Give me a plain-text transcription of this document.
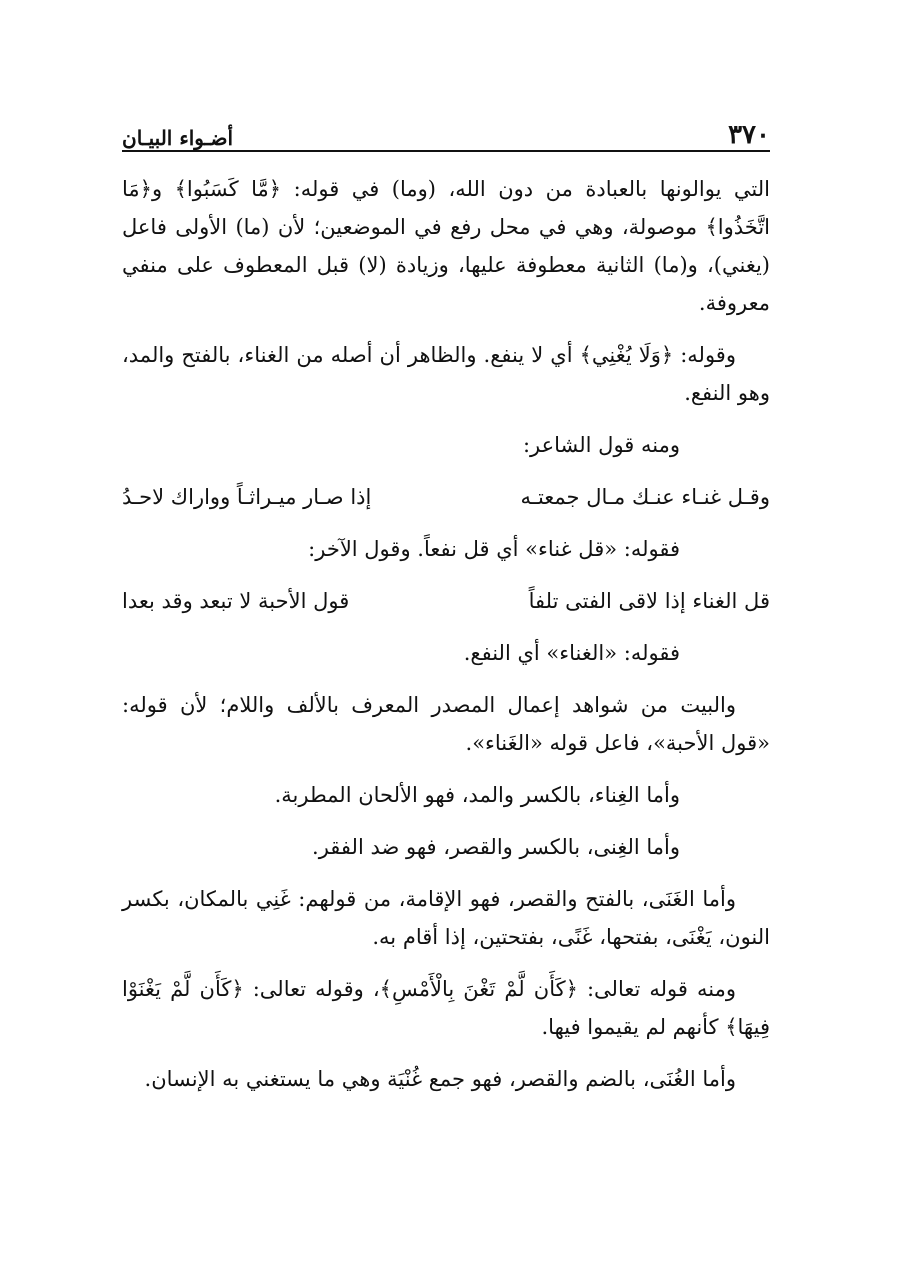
٣٧٠
أضـواء البيـان

التي يوالونها بالعبادة من دون الله، (وما) في قوله: ﴿مَّا كَسَبُوا﴾ و﴿مَا اتَّخَذُوا﴾ موصولة، وهي في محل رفع في الموضعين؛ لأن (ما) الأولى فاعل (يغني)، و(ما) الثانية معطوفة عليها، وزيادة (لا) قبل المعطوف على منفي معروفة.

وقوله: ﴿وَلَا يُغْنِي﴾ أي لا ينفع. والظاهر أن أصله من الغناء، بالفتح والمد، وهو النفع.

ومنه قول الشاعر:

وقـل غنـاء عنـك مـال جمعتـه
إذا صـار ميـراثـاً وواراك لاحـدُ

فقوله: «قل غناء» أي قل نفعاً. وقول الآخر:

قل الغناء إذا لاقى الفتى تلفاً
قول الأحبة لا تبعد وقد بعدا

فقوله: «الغناء» أي النفع.

والبيت من شواهد إعمال المصدر المعرف بالألف واللام؛ لأن قوله: «قول الأحبة»، فاعل قوله «الغَناء».

وأما الغِناء، بالكسر والمد، فهو الألحان المطربة.

وأما الغِنى، بالكسر والقصر، فهو ضد الفقر.

وأما الغَنَى، بالفتح والقصر، فهو الإقامة، من قولهم: غَنِي بالمكان، بكسر النون، يَغْنَى، بفتحها، غَنًى، بفتحتين، إذا أقام به.

ومنه قوله تعالى: ﴿كَأَن لَّمْ تَغْنَ بِالْأَمْسِ﴾، وقوله تعالى: ﴿كَأَن لَّمْ يَغْنَوْا فِيهَا﴾ كأنهم لم يقيموا فيها.

وأما الغُنَى، بالضم والقصر، فهو جمع غُنْيَة وهي ما يستغني به الإنسان.
